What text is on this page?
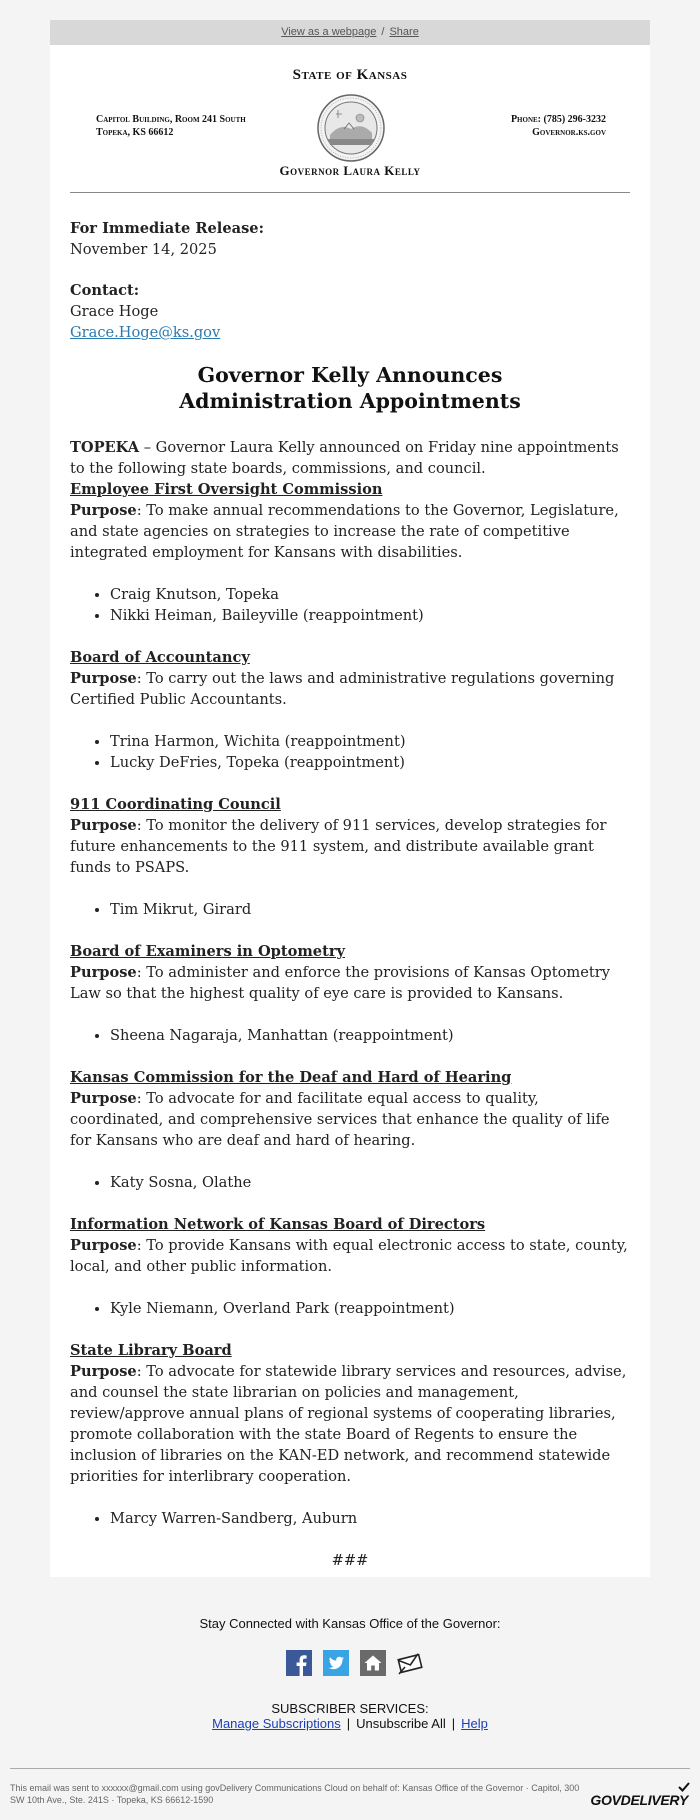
View as a webpage / Share
State of Kansas
Capitol Building, Room 241 South
Topeka, KS 66612
Phone: (785) 296-3232
Governor.ks.gov
Governor Laura Kelly

For Immediate Release:

November 14, 2025

Contact:

Grace Hoge

Grace.Hoge@ks.gov

Governor Kelly Announces
Administration Appointments

TOPEKA – Governor Laura Kelly announced on Friday nine appointments to the following state boards, commissions, and council.

Employee First Oversight Commission

Purpose: To make annual recommendations to the Governor, Legislature, and state agencies on strategies to increase the rate of competitive integrated employment for Kansans with disabilities.

• Craig Knutson, Topeka
• Nikki Heiman, Baileyville (reappointment)

Board of Accountancy

Purpose: To carry out the laws and administrative regulations governing Certified Public Accountants.

• Trina Harmon, Wichita (reappointment)
• Lucky DeFries, Topeka (reappointment)

911 Coordinating Council

Purpose: To monitor the delivery of 911 services, develop strategies for future enhancements to the 911 system, and distribute available grant funds to PSAPS.

• Tim Mikrut, Girard

Board of Examiners in Optometry

Purpose: To administer and enforce the provisions of Kansas Optometry Law so that the highest quality of eye care is provided to Kansans.

• Sheena Nagaraja, Manhattan (reappointment)

Kansas Commission for the Deaf and Hard of Hearing

Purpose: To advocate for and facilitate equal access to quality, coordinated, and comprehensive services that enhance the quality of life for Kansans who are deaf and hard of hearing.

• Katy Sosna, Olathe

Information Network of Kansas Board of Directors

Purpose: To provide Kansans with equal electronic access to state, county, local, and other public information.

• Kyle Niemann, Overland Park (reappointment)

State Library Board

Purpose: To advocate for statewide library services and resources, advise, and counsel the state librarian on policies and management, review/approve annual plans of regional systems of cooperating libraries, promote collaboration with the state Board of Regents to ensure the inclusion of libraries on the KAN-ED network, and recommend statewide priorities for interlibrary cooperation.

• Marcy Warren-Sandberg, Auburn

###

Stay Connected with Kansas Office of the Governor:

SUBSCRIBER SERVICES:
Manage Subscriptions | Unsubscribe All | Help
This email was sent to xxxxxx@gmail.com using govDelivery Communications Cloud on behalf of: Kansas Office of the Governor · Capitol, 300 SW 10th Ave., Ste. 241S · Topeka, KS 66612-1590	GOVDELIVERY
